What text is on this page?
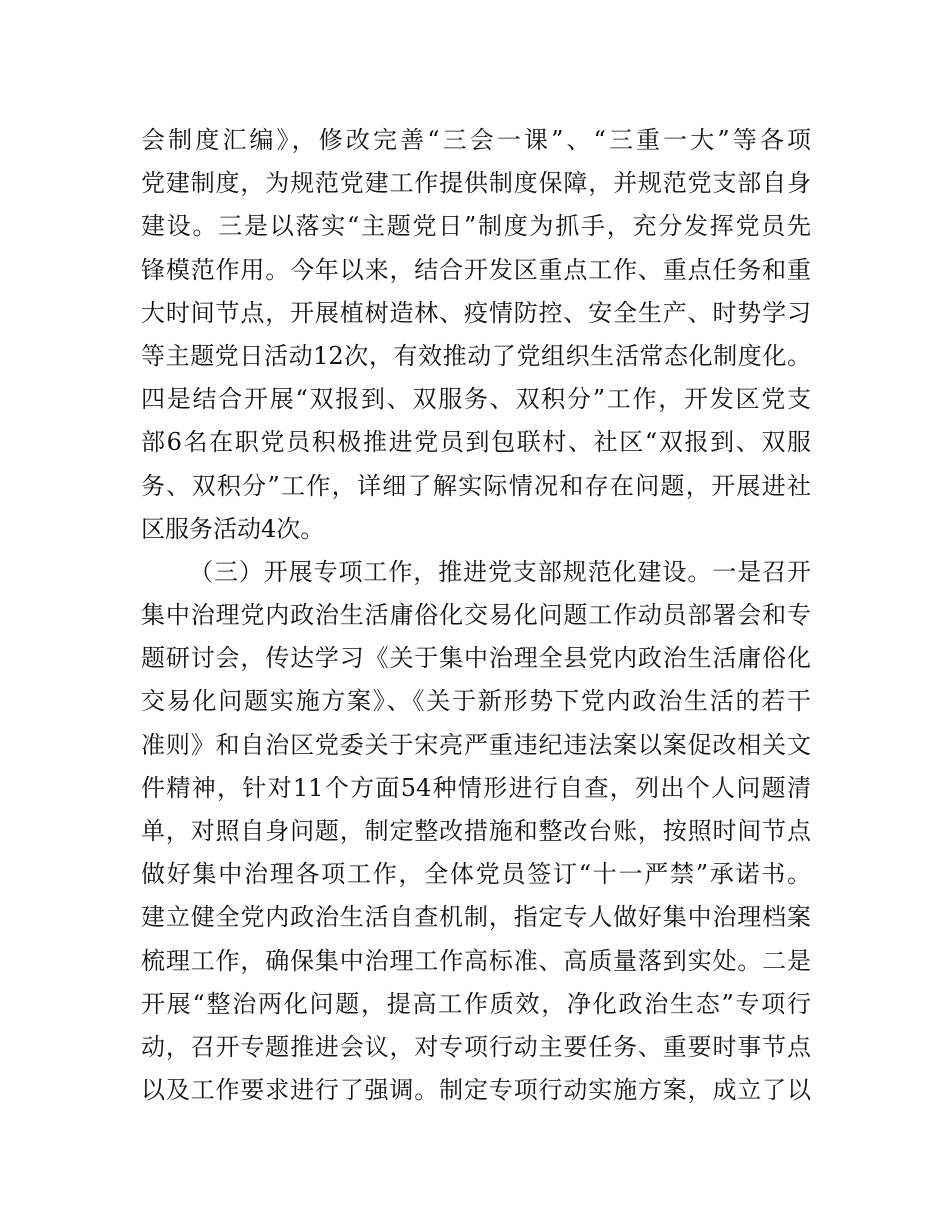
会制度汇编》，修改完善“三会一课”、“三重一大”等各项
党建制度，为规范党建工作提供制度保障，并规范党支部自身
建设。三是以落实“主题党日”制度为抓手，充分发挥党员先
锋模范作用。今年以来，结合开发区重点工作、重点任务和重
大时间节点，开展植树造林、疫情防控、安全生产、时势学习
等主题党日活动12次，有效推动了党组织生活常态化制度化。
四是结合开展“双报到、双服务、双积分”工作，开发区党支
部6名在职党员积极推进党员到包联村、社区“双报到、双服
务、双积分”工作，详细了解实际情况和存在问题，开展进社
区服务活动4次。
（三）开展专项工作，推进党支部规范化建设。一是召开
集中治理党内政治生活庸俗化交易化问题工作动员部署会和专
题研讨会，传达学习《关于集中治理全县党内政治生活庸俗化
交易化问题实施方案》、《关于新形势下党内政治生活的若干
准则》和自治区党委关于宋亮严重违纪违法案以案促改相关文
件精神，针对11个方面54种情形进行自查，列出个人问题清
单，对照自身问题，制定整改措施和整改台账，按照时间节点
做好集中治理各项工作，全体党员签订“十一严禁”承诺书。
建立健全党内政治生活自查机制，指定专人做好集中治理档案
梳理工作，确保集中治理工作高标准、高质量落到实处。二是
开展“整治两化问题，提高工作质效，净化政治生态”专项行
动，召开专题推进会议，对专项行动主要任务、重要时事节点
以及工作要求进行了强调。制定专项行动实施方案，成立了以
